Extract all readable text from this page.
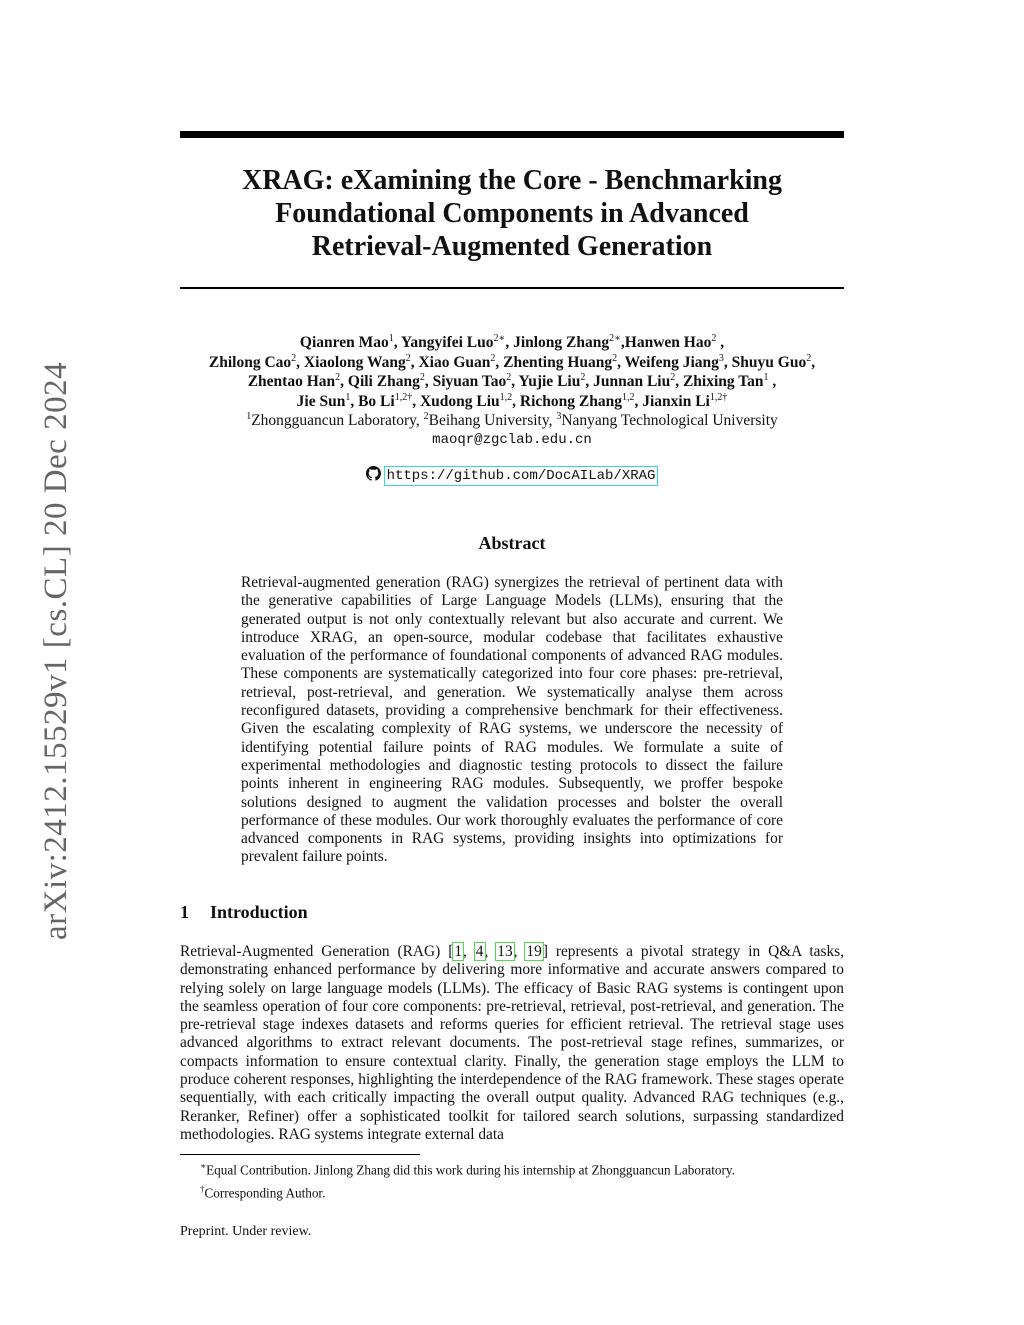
arXiv:2412.15529v1 [cs.CL] 20 Dec 2024
XRAG: eXamining the Core - Benchmarking
Foundational Components in Advanced
Retrieval-Augmented Generation
Qianren Mao$^1$, Yangyifei Luo$^{2∗}$, Jinlong Zhang$^{2∗}$,Hanwen Hao$^2$ ,
Zhilong Cao$^2$, Xiaolong Wang$^2$, Xiao Guan$^2$, Zhenting Huang$^2$, Weifeng Jiang$^3$, Shuyu Guo$^2$,
Zhentao Han$^2$, Qili Zhang$^2$, Siyuan Tao$^2$, Yujie Liu$^2$, Junnan Liu$^2$, Zhixing Tan$^1$ ,
Jie Sun$^1$, Bo $Li^{1,2\dagger}$, Xudong Liu$^{1,2}$, Richong Zhang$^{1,2}$, Jianxin $Li^{1,2\dagger}$
$^1$Zhongguancun Laboratory, $^2$Beihang University, $^3$Nanyang Technological University
maoqr@zgclab.edu.cn
https://github.com/DocAILab/XRAG
Abstract
Retrieval-augmented generation (RAG) synergizes the retrieval of pertinent data with the generative capabilities of Large Language Models (LLMs), ensuring that the generated output is not only contextually relevant but also accurate and current. We introduce XRAG, an open-source, modular codebase that facilitates exhaustive evaluation of the performance of foundational components of advanced RAG modules. These components are systematically categorized into four core phases: pre-retrieval, retrieval, post-retrieval, and generation. We systematically analyse them across reconfigured datasets, providing a comprehensive benchmark for their effectiveness. Given the escalating complexity of RAG systems, we underscore the necessity of identifying potential failure points of RAG modules. We formulate a suite of experimental methodologies and diagnostic testing protocols to dissect the failure points inherent in engineering RAG modules. Subsequently, we proffer bespoke solutions designed to augment the validation processes and bolster the overall performance of these modules. Our work thoroughly evaluates the performance of core advanced components in RAG systems, providing insights into optimizations for prevalent failure points.
1 Introduction
Retrieval-Augmented Generation (RAG) [1, 4, 13, 19] represents a pivotal strategy in Q&A tasks, demonstrating enhanced performance by delivering more informative and accurate answers compared to relying solely on large language models (LLMs). The efficacy of Basic RAG systems is contingent upon the seamless operation of four core components: pre-retrieval, retrieval, post-retrieval, and generation. The pre-retrieval stage indexes datasets and reforms queries for efficient retrieval. The retrieval stage uses advanced algorithms to extract relevant documents. The post-retrieval stage refines, summarizes, or compacts information to ensure contextual clarity. Finally, the generation stage employs the LLM to produce coherent responses, highlighting the interdependence of the RAG framework. These stages operate sequentially, with each critically impacting the overall output quality. Advanced RAG techniques (e.g., Reranker, Refiner) offer a sophisticated toolkit for tailored search solutions, surpassing standardized methodologies. RAG systems integrate external data
∗Equal Contribution. Jinlong Zhang did this work during his internship at Zhongguancun Laboratory.
†Corresponding Author.
Preprint. Under review.
